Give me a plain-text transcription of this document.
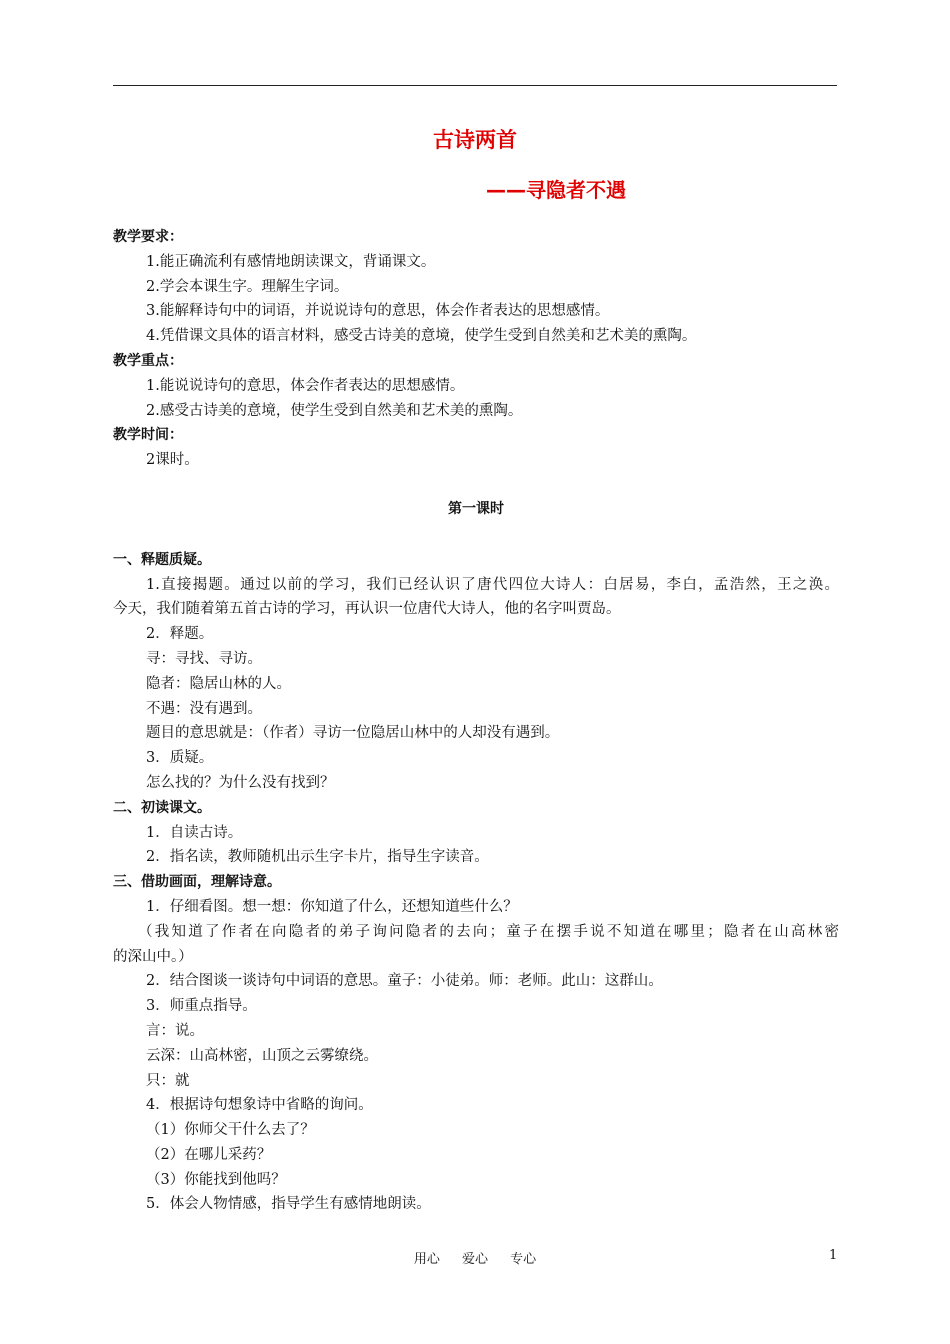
古诗两首
——寻隐者不遇
教学要求：
1.能正确流利有感情地朗读课文，背诵课文。
2.学会本课生字。理解生字词。
3.能解释诗句中的词语，并说说诗句的意思，体会作者表达的思想感情。
4.凭借课文具体的语言材料，感受古诗美的意境，使学生受到自然美和艺术美的熏陶。
教学重点：
1.能说说诗句的意思，体会作者表达的思想感情。
2.感受古诗美的意境，使学生受到自然美和艺术美的熏陶。
教学时间：
2课时。
第一课时
一、释题质疑。
1.直接揭题。通过以前的学习，我们已经认识了唐代四位大诗人：白居易，李白，孟浩然，王之涣。
今天，我们随着第五首古诗的学习，再认识一位唐代大诗人，他的名字叫贾岛。
2．释题。
寻：寻找、寻访。
隐者：隐居山林的人。
不遇：没有遇到。
题目的意思就是：（作者）寻访一位隐居山林中的人却没有遇到。
3．质疑。
怎么找的？为什么没有找到？
二、初读课文。
1．自读古诗。
2．指名读，教师随机出示生字卡片，指导生字读音。
三、借助画面，理解诗意。
1．仔细看图。想一想：你知道了什么，还想知道些什么？
（我知道了作者在向隐者的弟子询问隐者的去向；童子在摆手说不知道在哪里；隐者在山高林密
的深山中。）
2．结合图谈一谈诗句中词语的意思。童子：小徒弟。师：老师。此山：这群山。
3．师重点指导。
言：说。
云深：山高林密，山顶之云雾缭绕。
只：就
4．根据诗句想象诗中省略的询问。
（1）你师父干什么去了？
（2）在哪儿采药？
（3）你能找到他吗？
5．体会人物情感，指导学生有感情地朗读。
用心 爱心 专心	1
